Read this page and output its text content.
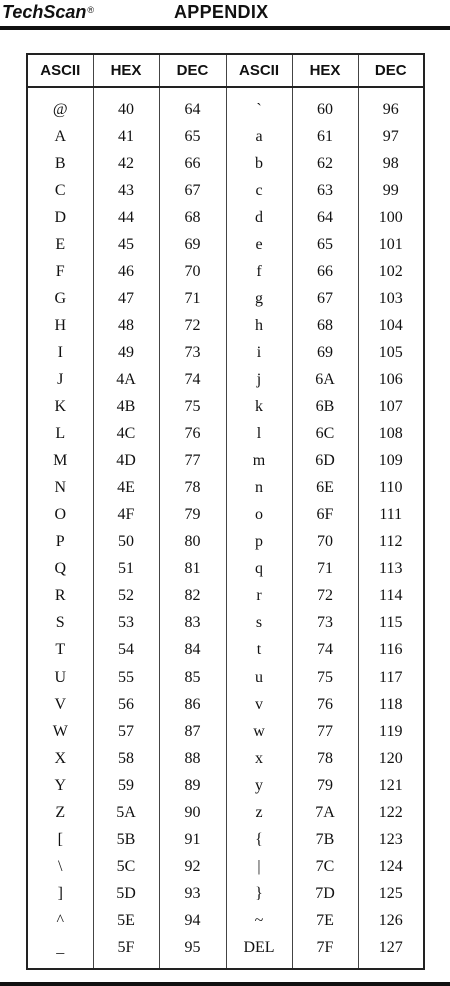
TechScan®	APPENDIX
ASCII	HEX	DEC	ASCII	HEX	DEC
@	40	64	`	60	96
A	41	65	a	61	97
B	42	66	b	62	98
C	43	67	c	63	99
D	44	68	d	64	100
E	45	69	e	65	101
F	46	70	f	66	102
G	47	71	g	67	103
H	48	72	h	68	104
I	49	73	i	69	105
J	4A	74	j	6A	106
K	4B	75	k	6B	107
L	4C	76	l	6C	108
M	4D	77	m	6D	109
N	4E	78	n	6E	110
O	4F	79	o	6F	111
P	50	80	p	70	112
Q	51	81	q	71	113
R	52	82	r	72	114
S	53	83	s	73	115
T	54	84	t	74	116
U	55	85	u	75	117
V	56	86	v	76	118
W	57	87	w	77	119
X	58	88	x	78	120
Y	59	89	y	79	121
Z	5A	90	z	7A	122
[	5B	91	{	7B	123
\	5C	92	|	7C	124
]	5D	93	}	7D	125
^	5E	94	~	7E	126
_	5F	95	DEL	7F	127
